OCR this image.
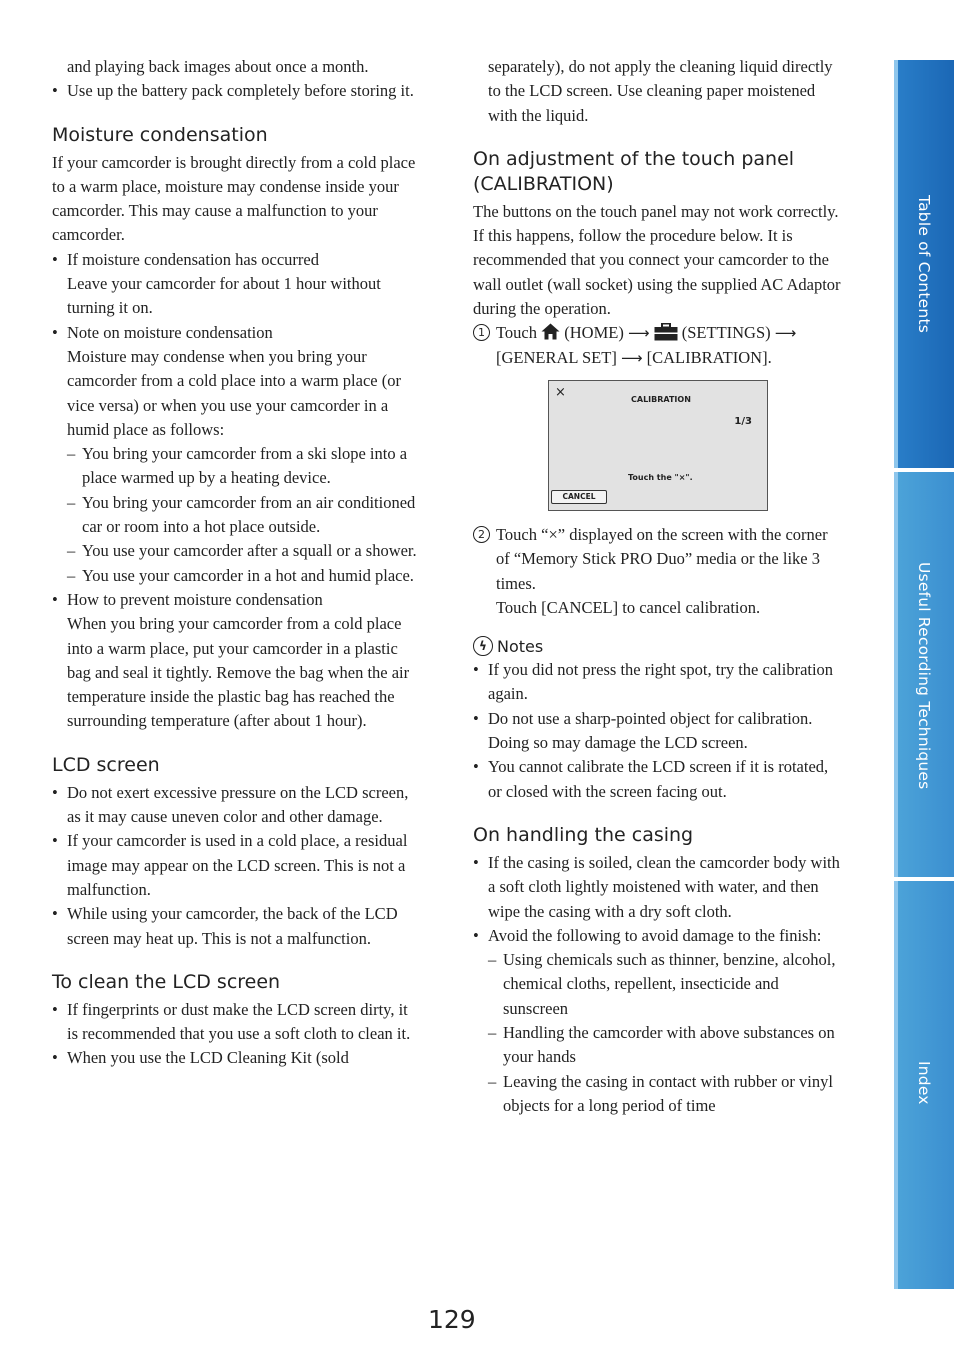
and playing back images about once a month.

• Use up the battery pack completely before storing it.
Moisture condensation

If your camcorder is brought directly from a cold place to a warm place, moisture may condense inside your camcorder. This may cause a malfunction to your camcorder.

• If moisture condensation has occurred
Leave your camcorder for about 1 hour without turning it on.
• Note on moisture condensation
Moisture may condense when you bring your camcorder from a cold place into a warm place (or vice versa) or when you use your camcorder in a humid place as follows:
– You bring your camcorder from a ski slope into a place warmed up by a heating device.
– You bring your camcorder from an air conditioned car or room into a hot place outside.
– You use your camcorder after a squall or a shower.
– You use your camcorder in a hot and humid place.
• How to prevent moisture condensation
When you bring your camcorder from a cold place into a warm place, put your camcorder in a plastic bag and seal it tightly. Remove the bag when the air temperature inside the plastic bag has reached the surrounding temperature (after about 1 hour).
LCD screen
• Do not exert excessive pressure on the LCD screen, as it may cause uneven color and other damage.
• If your camcorder is used in a cold place, a residual image may appear on the LCD screen. This is not a malfunction.
• While using your camcorder, the back of the LCD screen may heat up. This is not a malfunction.
To clean the LCD screen
• If fingerprints or dust make the LCD screen dirty, it is recommended that you use a soft cloth to clean it.
• When you use the LCD Cleaning Kit (sold

separately), do not apply the cleaning liquid directly to the LCD screen. Use cleaning paper moistened with the liquid.

On adjustment of the touch panel (CALIBRATION)

The buttons on the touch panel may not work correctly. If this happens, follow the procedure below. It is recommended that you connect your camcorder to the wall outlet (wall socket) using the supplied AC Adaptor during the operation.

1 Touch (HOME) ⟶ (SETTINGS) ⟶
[GENERAL SET] ⟶ [CALIBRATION].
×	CALIBRATION
1/3
Touch the "×".
CANCEL
2 Touch “×” displayed on the screen with the corner of “Memory Stick PRO Duo” media or the like 3 times.
Touch [CANCEL] to cancel calibration.
ϟ Notes
• If you did not press the right spot, try the calibration again.
• Do not use a sharp-pointed object for calibration. Doing so may damage the LCD screen.
• You cannot calibrate the LCD screen if it is rotated, or closed with the screen facing out.
On handling the casing
• If the casing is soiled, clean the camcorder body with a soft cloth lightly moistened with water, and then wipe the casing with a dry soft cloth.
• Avoid the following to avoid damage to the finish:
– Using chemicals such as thinner, benzine, alcohol, chemical cloths, repellent, insecticide and sunscreen
– Handling the camcorder with above substances on your hands
– Leaving the casing in contact with rubber or vinyl objects for a long period of time
129
Table of Contents
Useful Recording Techniques
Index
